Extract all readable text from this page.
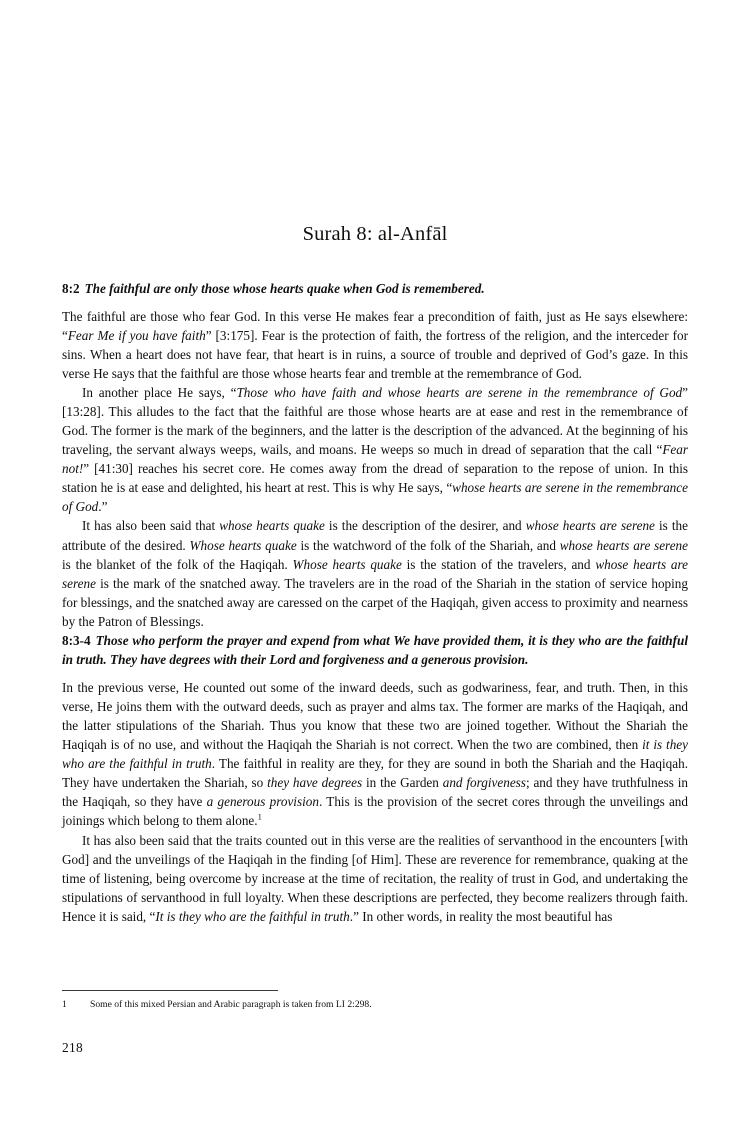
Surah 8: al-Anfāl
8:2 The faithful are only those whose hearts quake when God is remembered.

The faithful are those who fear God. In this verse He makes fear a precondition of faith, just as He says elsewhere: “Fear Me if you have faith” [3:175]. Fear is the protection of faith, the fortress of the religion, and the interceder for sins. When a heart does not have fear, that heart is in ruins, a source of trouble and deprived of God’s gaze. In this verse He says that the faithful are those whose hearts fear and tremble at the remembrance of God.

In another place He says, “Those who have faith and whose hearts are serene in the remembrance of God” [13:28]. This alludes to the fact that the faithful are those whose hearts are at ease and rest in the remembrance of God. The former is the mark of the beginners, and the latter is the description of the advanced. At the beginning of his traveling, the servant always weeps, wails, and moans. He weeps so much in dread of separation that the call “Fear not!” [41:30] reaches his secret core. He comes away from the dread of separation to the repose of union. In this station he is at ease and delighted, his heart at rest. This is why He says, “whose hearts are serene in the remembrance of God.”

It has also been said that whose hearts quake is the description of the desirer, and whose hearts are serene is the attribute of the desired. Whose hearts quake is the watchword of the folk of the Shariah, and whose hearts are serene is the blanket of the folk of the Haqiqah. Whose hearts quake is the station of the travelers, and whose hearts are serene is the mark of the snatched away. The travelers are in the road of the Shariah in the station of service hoping for blessings, and the snatched away are caressed on the carpet of the Haqiqah, given access to proximity and nearness by the Patron of Blessings.

8:3-4 Those who perform the prayer and expend from what We have provided them, it is they who are the faithful in truth. They have degrees with their Lord and forgiveness and a generous provision.

In the previous verse, He counted out some of the inward deeds, such as godwariness, fear, and truth. Then, in this verse, He joins them with the outward deeds, such as prayer and alms tax. The former are marks of the Haqiqah, and the latter stipulations of the Shariah. Thus you know that these two are joined together. Without the Shariah the Haqiqah is of no use, and without the Haqiqah the Shariah is not correct. When the two are combined, then it is they who are the faithful in truth. The faithful in reality are they, for they are sound in both the Shariah and the Haqiqah. They have undertaken the Shariah, so they have degrees in the Garden and forgiveness; and they have truthfulness in the Haqiqah, so they have a generous provision. This is the provision of the secret cores through the unveilings and joinings which belong to them alone.$^1$

It has also been said that the traits counted out in this verse are the realities of servanthood in the encounters [with God] and the unveilings of the Haqiqah in the finding [of Him]. These are reverence for remembrance, quaking at the time of listening, being overcome by increase at the time of recitation, the reality of trust in God, and undertaking the stipulations of servanthood in full loyalty. When these descriptions are perfected, they become realizers through faith. Hence it is said, “It is they who are the faithful in truth.” In other words, in reality the most beautiful has

1	Some of this mixed Persian and Arabic paragraph is taken from LI 2:298.
218
